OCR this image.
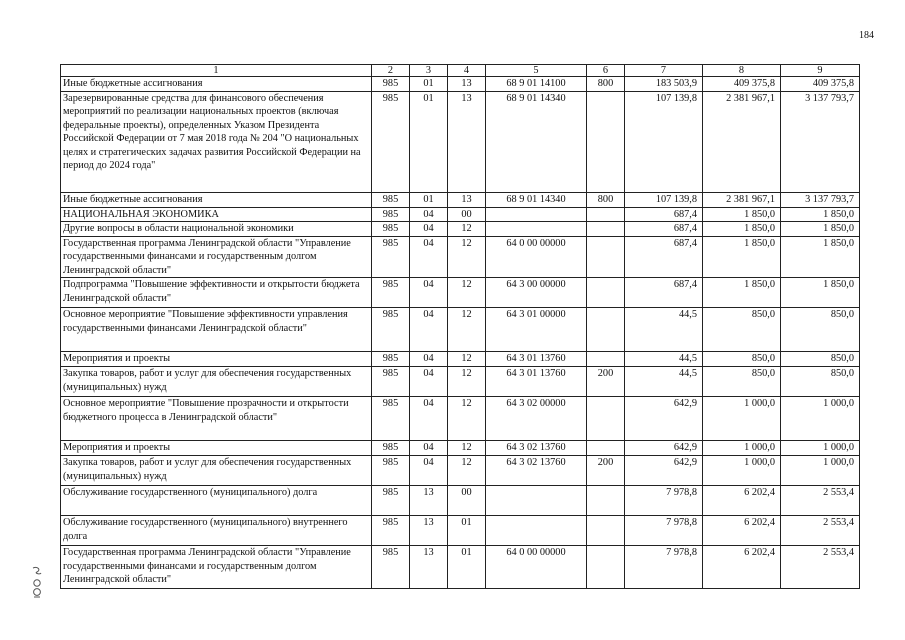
184
1	2	3	4	5	6	7	8	9
Иные бюджетные ассигнования	985	01	13	68 9 01 14100	800	183 503,9	409 375,8	409 375,8
Зарезервированные средства для финансового обеспечения мероприятий по реализации национальных проектов (включая федеральные проекты), определенных Указом Президента Российской Федерации от 7 мая 2018 года № 204 "О национальных целях и стратегических задачах развития Российской Федерации на период до 2024 года"	985	01	13	68 9 01 14340		107 139,8	2 381 967,1	3 137 793,7
Иные бюджетные ассигнования	985	01	13	68 9 01 14340	800	107 139,8	2 381 967,1	3 137 793,7
НАЦИОНАЛЬНАЯ ЭКОНОМИКА	985	04	00			687,4	1 850,0	1 850,0
Другие вопросы в области национальной экономики	985	04	12			687,4	1 850,0	1 850,0
Государственная программа Ленинградской области "Управление государственными финансами и государственным долгом Ленинградской области"	985	04	12	64 0 00 00000		687,4	1 850,0	1 850,0
Подпрограмма "Повышение эффективности и открытости бюджета Ленинградской области"	985	04	12	64 3 00 00000		687,4	1 850,0	1 850,0
Основное мероприятие "Повышение эффективности управления государственными финансами Ленинградской области"	985	04	12	64 3 01 00000		44,5	850,0	850,0
Мероприятия и проекты	985	04	12	64 3 01 13760		44,5	850,0	850,0
Закупка товаров, работ и услуг для обеспечения государственных (муниципальных) нужд	985	04	12	64 3 01 13760	200	44,5	850,0	850,0
Основное мероприятие "Повышение прозрачности и открытости бюджетного процесса в Ленинградской области"	985	04	12	64 3 02 00000		642,9	1 000,0	1 000,0
Мероприятия и проекты	985	04	12	64 3 02 13760		642,9	1 000,0	1 000,0
Закупка товаров, работ и услуг для обеспечения государственных (муниципальных) нужд	985	04	12	64 3 02 13760	200	642,9	1 000,0	1 000,0
Обслуживание государственного (муниципального) долга	985	13	00			7 978,8	6 202,4	2 553,4
Обслуживание государственного (муниципального) внутреннего долга	985	13	01			7 978,8	6 202,4	2 553,4
Государственная программа Ленинградской области "Управление государственными финансами и государственным долгом Ленинградской области"	985	13	01	64 0 00 00000		7 978,8	6 202,4	2 553,4
